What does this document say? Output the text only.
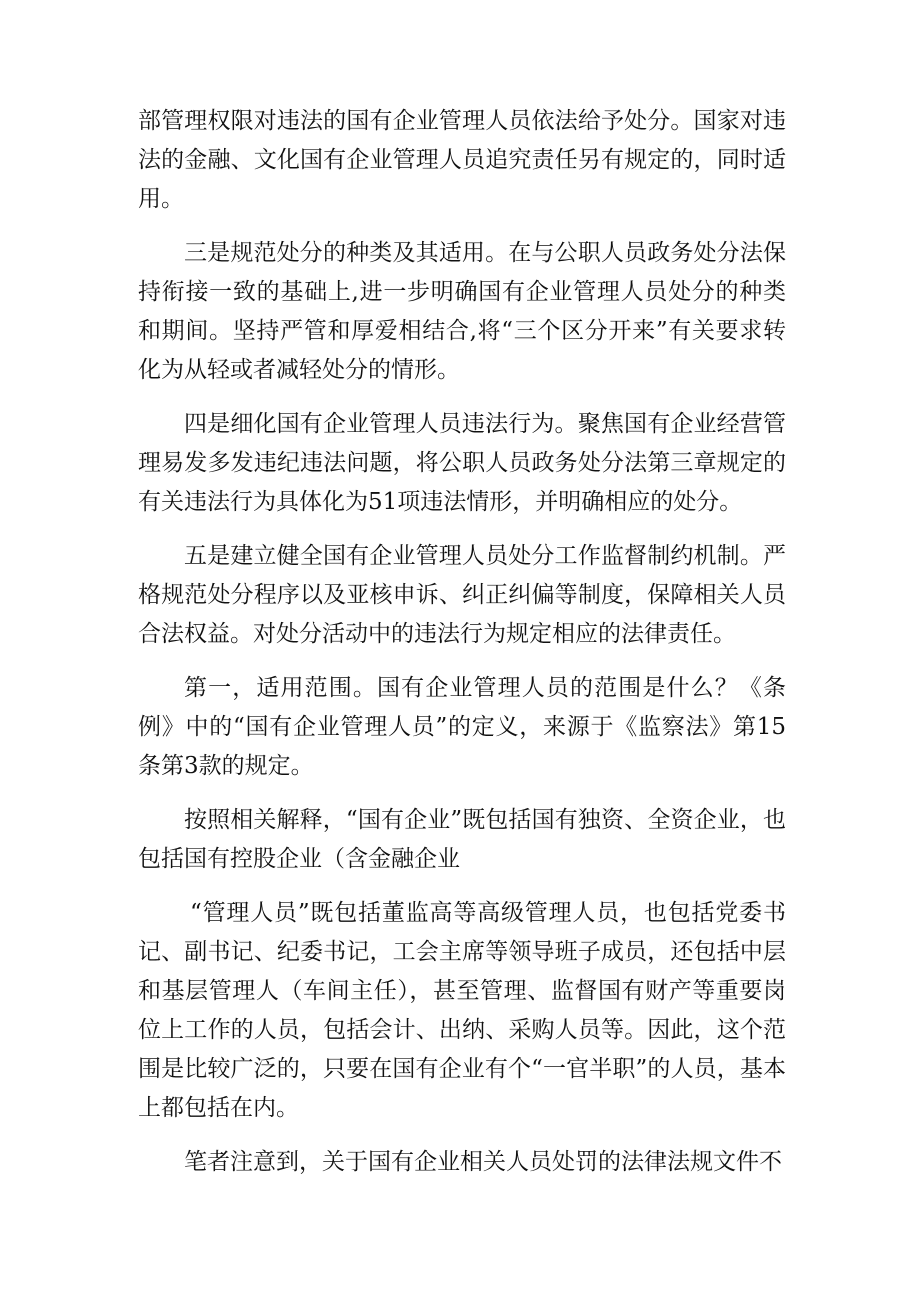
部管理权限对违法的国有企业管理人员依法给予处分。国家对违法的金融、文化国有企业管理人员追究责任另有规定的，同时适用。

三是规范处分的种类及其适用。在与公职人员政务处分法保持衔接一致的基础上,进一步明确国有企业管理人员处分的种类和期间。坚持严管和厚爱相结合,将“三个区分开来”有关要求转化为从轻或者减轻处分的情形。

四是细化国有企业管理人员违法行为。聚焦国有企业经营管理易发多发违纪违法问题，将公职人员政务处分法第三章规定的有关违法行为具体化为51项违法情形，并明确相应的处分。

五是建立健全国有企业管理人员处分工作监督制约机制。严格规范处分程序以及亚核申诉、纠正纠偏等制度，保障相关人员合法权益。对处分活动中的违法行为规定相应的法律责任。

第一，适用范围。国有企业管理人员的范围是什么？《条例》中的“国有企业管理人员”的定义，来源于《监察法》第15条第3款的规定。

按照相关解释，“国有企业”既包括国有独资、全资企业，也包括国有控股企业（含金融企业

“管理人员”既包括董监高等高级管理人员，也包括党委书记、副书记、纪委书记，工会主席等领导班子成员，还包括中层和基层管理人（车间主任），甚至管理、监督国有财产等重要岗位上工作的人员，包括会计、出纳、采购人员等。因此，这个范围是比较广泛的，只要在国有企业有个“一官半职”的人员，基本上都包括在内。

笔者注意到，关于国有企业相关人员处罚的法律法规文件不
